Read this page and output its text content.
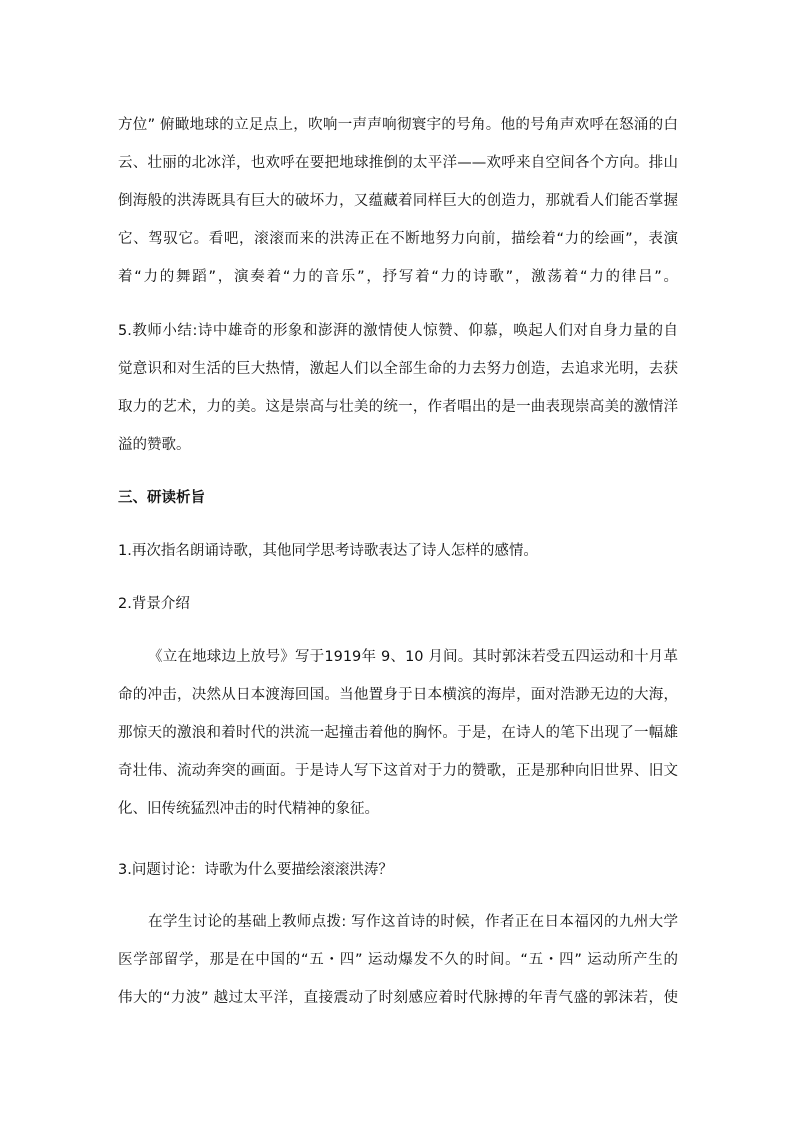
方位” 俯瞰地球的立足点上，吹响一声声响彻寰宇的号角。他的号角声欢呼在怒涌的白
云、壮丽的北冰洋，也欢呼在要把地球推倒的太平洋——欢呼来自空间各个方向。排山
倒海般的洪涛既具有巨大的破坏力，又蕴藏着同样巨大的创造力，那就看人们能否掌握
它、驾驭它。看吧，滚滚而来的洪涛正在不断地努力向前，描绘着“力的绘画”，表演
着“力的舞蹈”，演奏着“力的音乐”，抒写着“力的诗歌”，激荡着“力的律吕”。
5.教师小结:诗中雄奇的形象和澎湃的激情使人惊赞、仰慕，唤起人们对自身力量的自
觉意识和对生活的巨大热情，激起人们以全部生命的力去努力创造，去追求光明，去获
取力的艺术，力的美。这是崇高与壮美的统一，作者唱出的是一曲表现崇高美的激情洋
溢的赞歌。
三、研读析旨
1.再次指名朗诵诗歌，其他同学思考诗歌表达了诗人怎样的感情。
2.背景介绍
《立在地球边上放号》写于1919年 9、10 月间。其时郭沫若受五四运动和十月革
命的冲击，决然从日本渡海回国。当他置身于日本横滨的海岸，面对浩渺无边的大海，
那惊天的激浪和着时代的洪流一起撞击着他的胸怀。于是，在诗人的笔下出现了一幅雄
奇壮伟、流动奔突的画面。于是诗人写下这首对于力的赞歌，正是那种向旧世界、旧文
化、旧传统猛烈冲击的时代精神的象征。
3.问题讨论：诗歌为什么要描绘滚滚洪涛？
在学生讨论的基础上教师点拨: 写作这首诗的时候，作者正在日本福冈的九州大学
医学部留学，那是在中国的“五・四” 运动爆发不久的时间。“五・四” 运动所产生的
伟大的“力波” 越过太平洋，直接震动了时刻感应着时代脉搏的年青气盛的郭沫若，使
